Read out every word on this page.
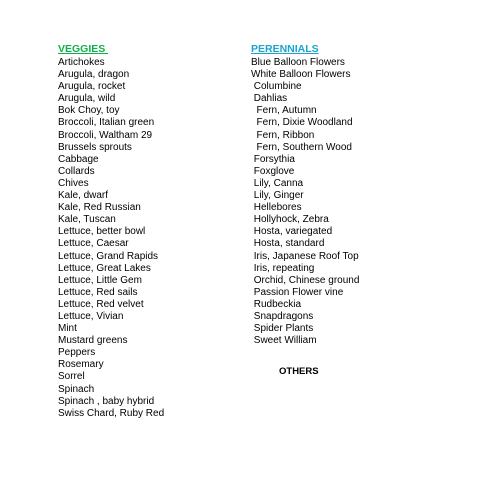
VEGGIES
Artichokes
Arugula, dragon
Arugula, rocket
Arugula, wild
Bok Choy, toy
Broccoli, Italian green
Broccoli, Waltham 29
Brussels sprouts
Cabbage
Collards
Chives
Kale, dwarf
Kale, Red Russian
Kale, Tuscan
Lettuce, better bowl
Lettuce, Caesar
Lettuce, Grand Rapids
Lettuce, Great Lakes
Lettuce, Little Gem
Lettuce, Red sails
Lettuce, Red velvet
Lettuce, Vivian
Mint
Mustard greens
Peppers
Rosemary
Sorrel
Spinach
Spinach , baby hybrid
Swiss Chard, Ruby Red
PERENNIALS
Blue Balloon Flowers
White Balloon Flowers
Columbine
Dahlias
Fern, Autumn
Fern, Dixie Woodland
Fern, Ribbon
Fern, Southern Wood
Forsythia
Foxglove
Lily, Canna
Lily, Ginger
Hellebores
Hollyhock, Zebra
Hosta, variegated
Hosta, standard
Iris, Japanese Roof Top
Iris, repeating
Orchid, Chinese ground
Passion Flower vine
Rudbeckia
Snapdragons
Spider Plants
Sweet William
OTHERS
